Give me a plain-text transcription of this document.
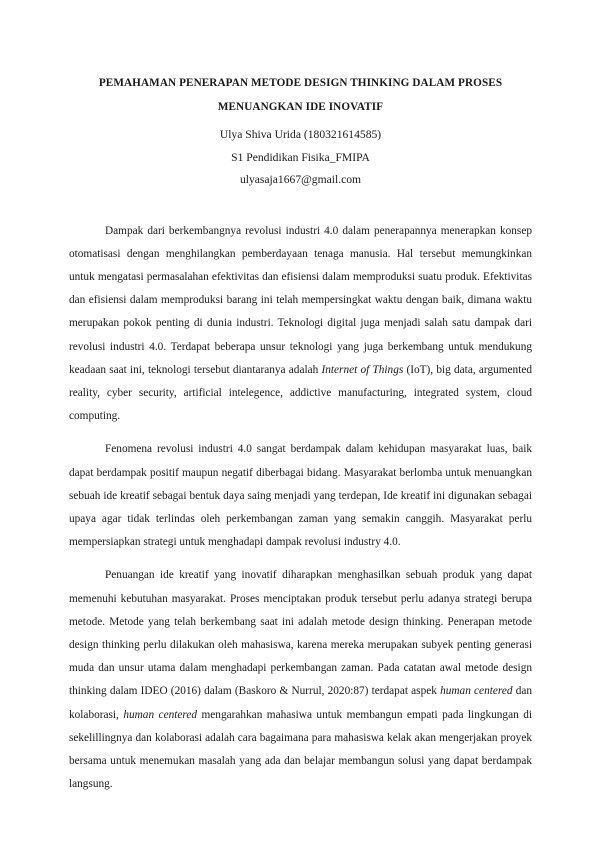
PEMAHAMAN PENERAPAN METODE DESIGN THINKING DALAM PROSES
MENUANGKAN IDE INOVATIF
Ulya Shiva Urida (180321614585)
S1 Pendidikan Fisika_FMIPA
ulyasaja1667@gmail.com

Dampak dari berkembangnya revolusi industri 4.0 dalam penerapannya menerapkan konsep otomatisasi dengan menghilangkan pemberdayaan tenaga manusia. Hal tersebut memungkinkan untuk mengatasi permasalahan efektivitas dan efisiensi dalam memproduksi suatu produk. Efektivitas dan efisiensi dalam memproduksi barang ini telah mempersingkat waktu dengan baik, dimana waktu merupakan pokok penting di dunia industri. Teknologi digital juga menjadi salah satu dampak dari revolusi industri 4.0. Terdapat beberapa unsur teknologi yang juga berkembang untuk mendukung keadaan saat ini, teknologi tersebut diantaranya adalah Internet of Things (IoT), big data, argumented reality, cyber security, artificial intelegence, addictive manufacturing, integrated system, cloud computing.

Fenomena revolusi industri 4.0 sangat berdampak dalam kehidupan masyarakat luas, baik dapat berdampak positif maupun negatif diberbagai bidang. Masyarakat berlomba untuk menuangkan sebuah ide kreatif sebagai bentuk daya saing menjadi yang terdepan, Ide kreatif ini digunakan sebagai upaya agar tidak terlindas oleh perkembangan zaman yang semakin canggih. Masyarakat perlu mempersiapkan strategi untuk menghadapi dampak revolusi industry 4.0.

Penuangan ide kreatif yang inovatif diharapkan menghasilkan sebuah produk yang dapat memenuhi kebutuhan masyarakat. Proses menciptakan produk tersebut perlu adanya strategi berupa metode. Metode yang telah berkembang saat ini adalah metode design thinking. Penerapan metode design thinking perlu dilakukan oleh mahasiswa, karena mereka merupakan subyek penting generasi muda dan unsur utama dalam menghadapi perkembangan zaman. Pada catatan awal metode design thinking dalam IDEO (2016) dalam (Baskoro & Nurrul, 2020:87) terdapat aspek human centered dan kolaborasi, human centered mengarahkan mahasiwa untuk membangun empati pada lingkungan di sekelillingnya dan kolaborasi adalah cara bagaimana para mahasiswa kelak akan mengerjakan proyek bersama untuk menemukan masalah yang ada dan belajar membangun solusi yang dapat berdampak langsung.
